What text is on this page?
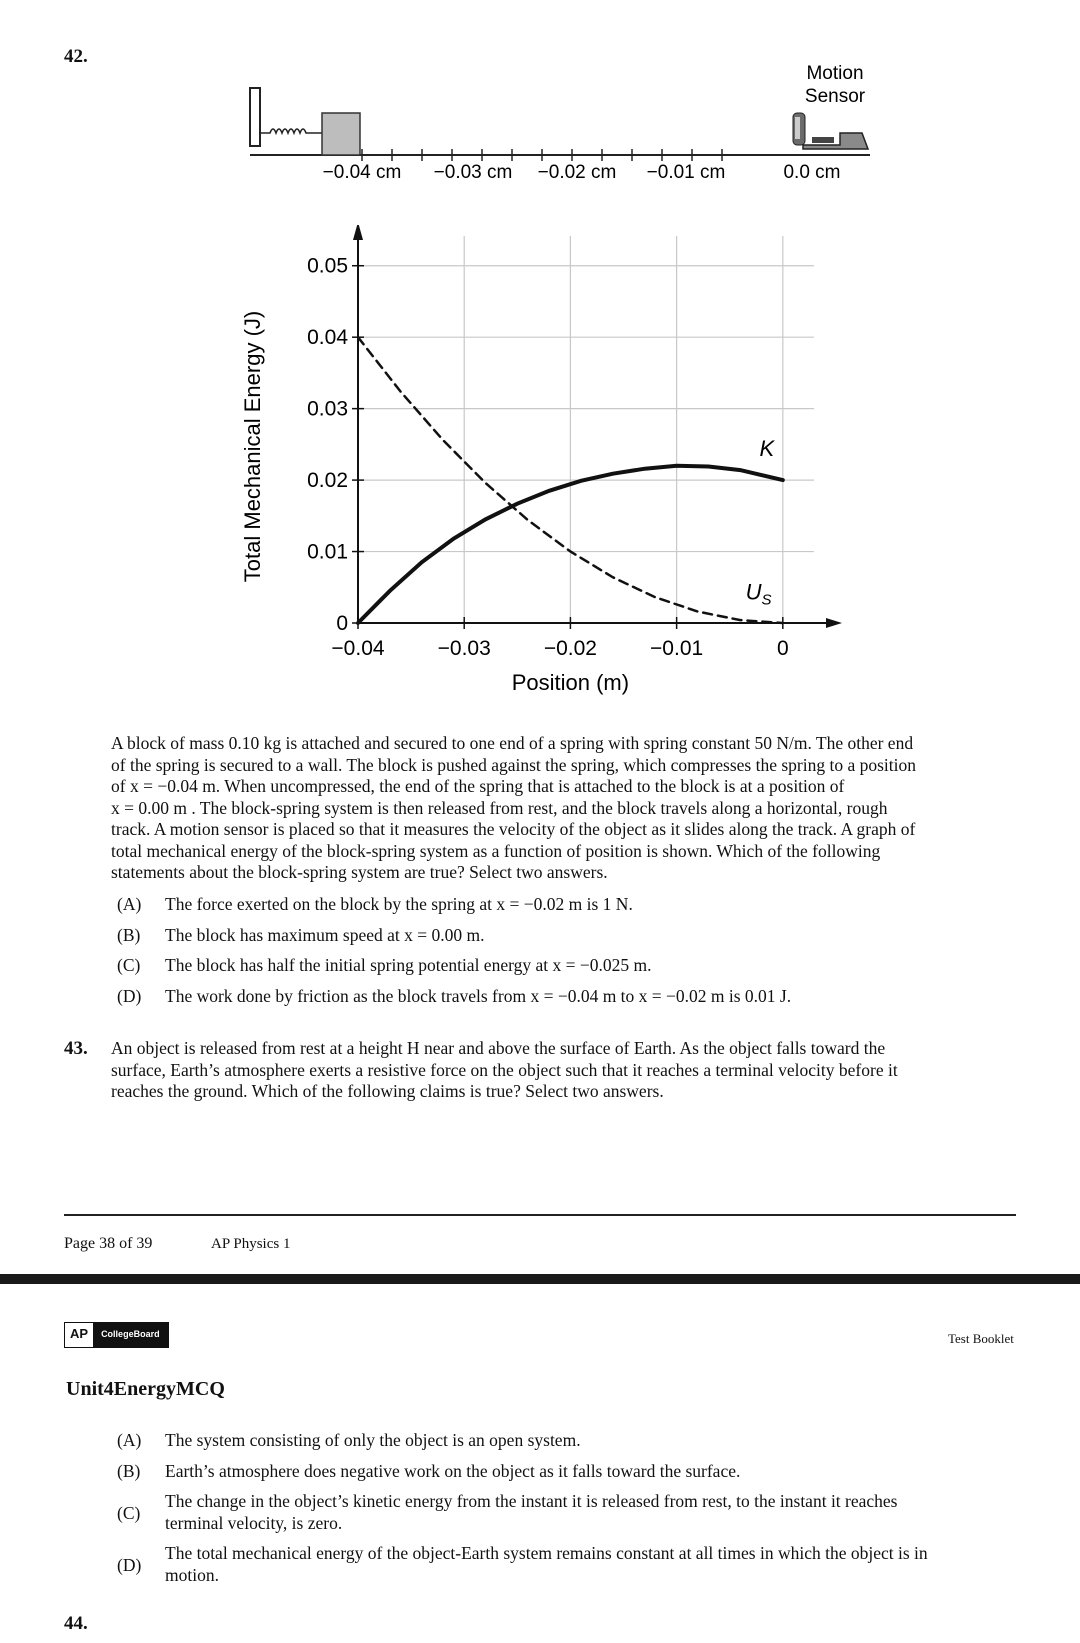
42.
−0.04 cm −0.03 cm −0.02 cm −0.01 cm	0.0 cm
Motion
Sensor
−0.04	−0.03	−0.02	−0.01	0
0
0.01
0.02
0.03
0.04
0.05
Position (m)
Total Mechanical Energy (J)	K
$U_S$
A block of mass 0.10 kg is attached and secured to one end of a spring with spring constant 50 N/m. The other end
of the spring is secured to a wall. The block is pushed against the spring, which compresses the spring to a position
of x = −0.04 m. When uncompressed, the end of the spring that is attached to the block is at a position of
x = 0.00 m . The block-spring system is then released from rest, and the block travels along a horizontal, rough
track. A motion sensor is placed so that it measures the velocity of the object as it slides along the track. A graph of
total mechanical energy of the block-spring system as a function of position is shown. Which of the following
statements about the block-spring system are true? Select two answers.
(A)	The force exerted on the block by the spring at x = −0.02 m is 1 N.
(B)	The block has maximum speed at x = 0.00 m.
(C)	The block has half the initial spring potential energy at x = −0.025 m.
(D)	The work done by friction as the block travels from x = −0.04 m to x = −0.02 m is 0.01 J.
43. An object is released from rest at a height H near and above the surface of Earth. As the object falls toward the
surface, Earth’s atmosphere exerts a resistive force on the object such that it reaches a terminal velocity before it
reaches the ground. Which of the following claims is true? Select two answers.
Page 38 of 39	AP Physics 1
AP	CollegeBoard	Test Booklet
Unit4EnergyMCQ
(A)	The system consisting of only the object is an open system.
(B)	Earth’s atmosphere does negative work on the object as it falls toward the surface.
(C)
The change in the object’s kinetic energy from the instant it is released from rest, to the instant it reaches
terminal velocity, is zero.
(D)
The total mechanical energy of the object-Earth system remains constant at all times in which the object is in
motion.
44.
